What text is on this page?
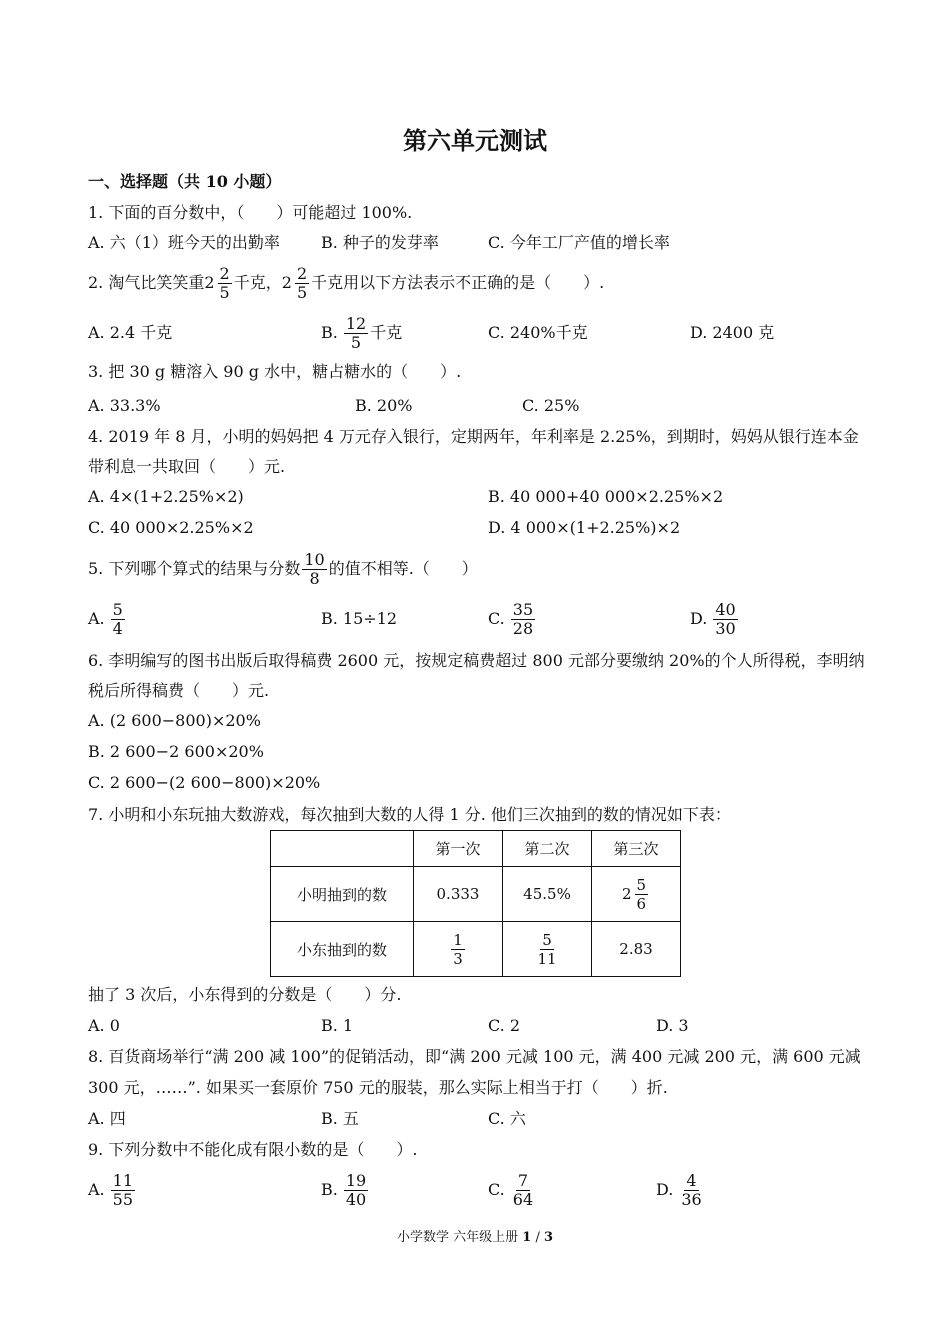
第六单元测试
一、选择题（共 10 小题）
1. 下面的百分数中，（　　）可能超过 100%.
A. 六（1）班今天的出勤率	B. 种子的发芽率	C. 今年工厂产值的增长率
2. 淘气比笑笑重 $2 \frac{2}{5}$ 千克， $2 \frac{2}{5}$ 千克用以下方法表示不正确的是（　　）.
A. 2.4 千克	B. $\frac{12}{5}$ 千克	C. 240%千克	D. 2400 克
3. 把 30 g 糖溶入 90 g 水中，糖占糖水的（　　）.
A. 33.3%	B. 20%	C. 25%
4. 2019 年 8 月，小明的妈妈把 4 万元存入银行，定期两年，年利率是 2.25%，到期时，妈妈从银行连本金
带利息一共取回（　　）元.
A. 4×(1+2.25%×2)	B. 40 000+40 000×2.25%×2
C. 40 000×2.25%×2	D. 4 000×(1+2.25%)×2
5. 下列哪个算式的结果与分数 $\frac{10}{8}$ 的值不相等.（　　）
A. $\frac{5}{4}$	B. 15÷12	C. $\frac{35}{28}$	D. $\frac{40}{30}$
6. 李明编写的图书出版后取得稿费 2600 元，按规定稿费超过 800 元部分要缴纳 20%的个人所得税，李明纳
税后所得稿费（　　）元.
A. (2 600−800)×20%
B. 2 600−2 600×20%
C. 2 600−(2 600−800)×20%
7. 小明和小东玩抽大数游戏，每次抽到大数的人得 1 分. 他们三次抽到的数的情况如下表：
	第一次	第二次	第三次
小明抽到的数	0.333	45.5%	$2 \frac{5}{6}$

小东抽到的数	$\frac{1}{3}$	$\frac{5}{11}$	2.83
抽了 3 次后，小东得到的分数是（　　）分.
A. 0	B. 1	C. 2	D. 3
8. 百货商场举行“满 200 减 100”的促销活动，即“满 200 元减 100 元，满 400 元减 200 元，满 600 元减
300 元，……”. 如果买一套原价 750 元的服装，那么实际上相当于打（　　）折.
A. 四	B. 五	C. 六
9. 下列分数中不能化成有限小数的是（　　）.
A. $\frac{11}{55}$	B. $\frac{19}{40}$	C. $\frac{7}{64}$	D. $\frac{4}{36}$
小学数学 六年级上册 1 / 3
